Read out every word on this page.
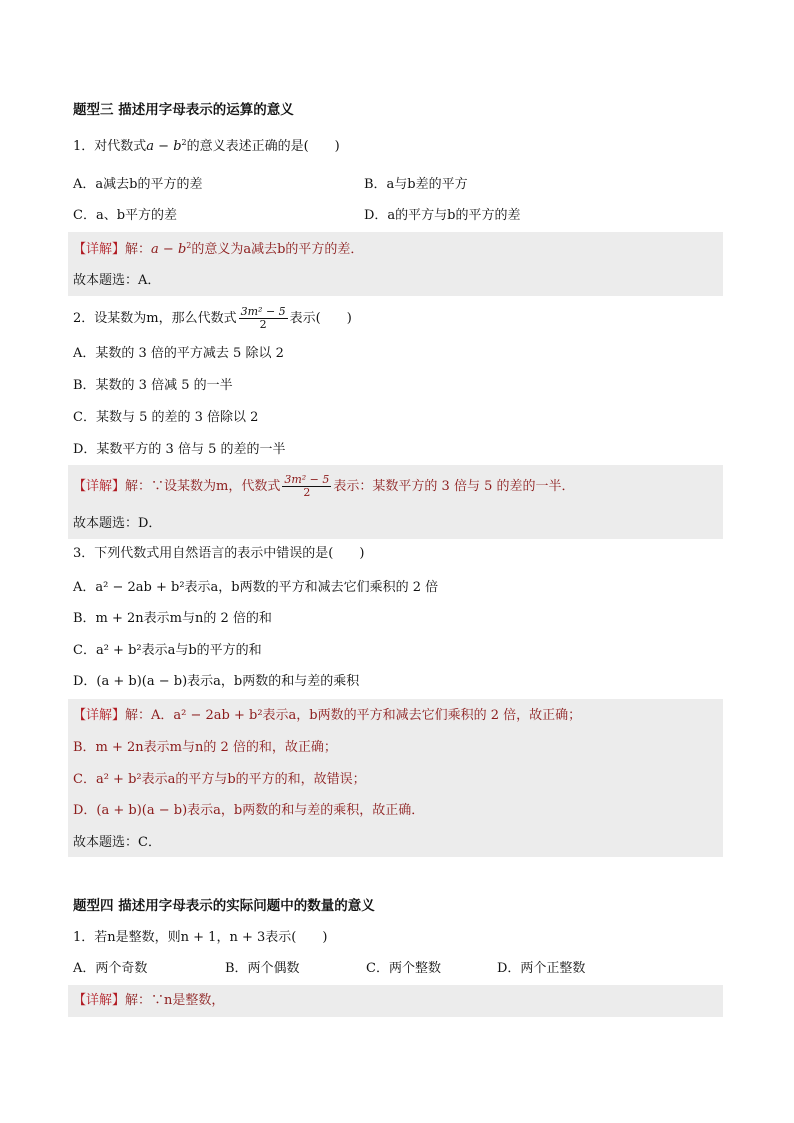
题型三 描述用字母表示的运算的意义
1．对代数式$a - b^2$的意义表述正确的是(　　)
A．a减去b的平方的差	B．a与b差的平方
C．a、b平方的差	D．a的平方与b的平方的差
【详解】解：$a - b^2$的意义为a减去b的平方的差．
故本题选：A．
2．设某数为m，那么代数式 $\frac{\text{3m² − 5}}{2}$ 表示(　　)
A．某数的 3 倍的平方减去 5 除以 2
B．某数的 3 倍减 5 的一半
C．某数与 5 的差的 3 倍除以 2
D．某数平方的 3 倍与 5 的差的一半
【详解】解：∵设某数为m，代数式 $\frac{\text{3m² − 5}}{2}$ 表示：某数平方的 3 倍与 5 的差的一半．
故本题选：D．
3．下列代数式用自然语言的表示中错误的是(　　)
A．a² − 2ab + b²表示a，b两数的平方和减去它们乘积的 2 倍
B．m + 2n表示m与n的 2 倍的和
C．a² + b²表示a与b的平方的和
D．(a + b)(a − b)表示a，b两数的和与差的乘积
【详解】解：A．a² − 2ab + b²表示a，b两数的平方和减去它们乘积的 2 倍，故正确；
B．m + 2n表示m与n的 2 倍的和，故正确；
C．a² + b²表示a的平方与b的平方的和，故错误；
D．(a + b)(a − b)表示a，b两数的和与差的乘积，故正确．
故本题选：C．
题型四 描述用字母表示的实际问题中的数量的意义
1．若n是整数，则n + 1，n + 3表示(　　)
A．两个奇数	B．两个偶数	C．两个整数	D．两个正整数
【详解】解：∵n是整数，
